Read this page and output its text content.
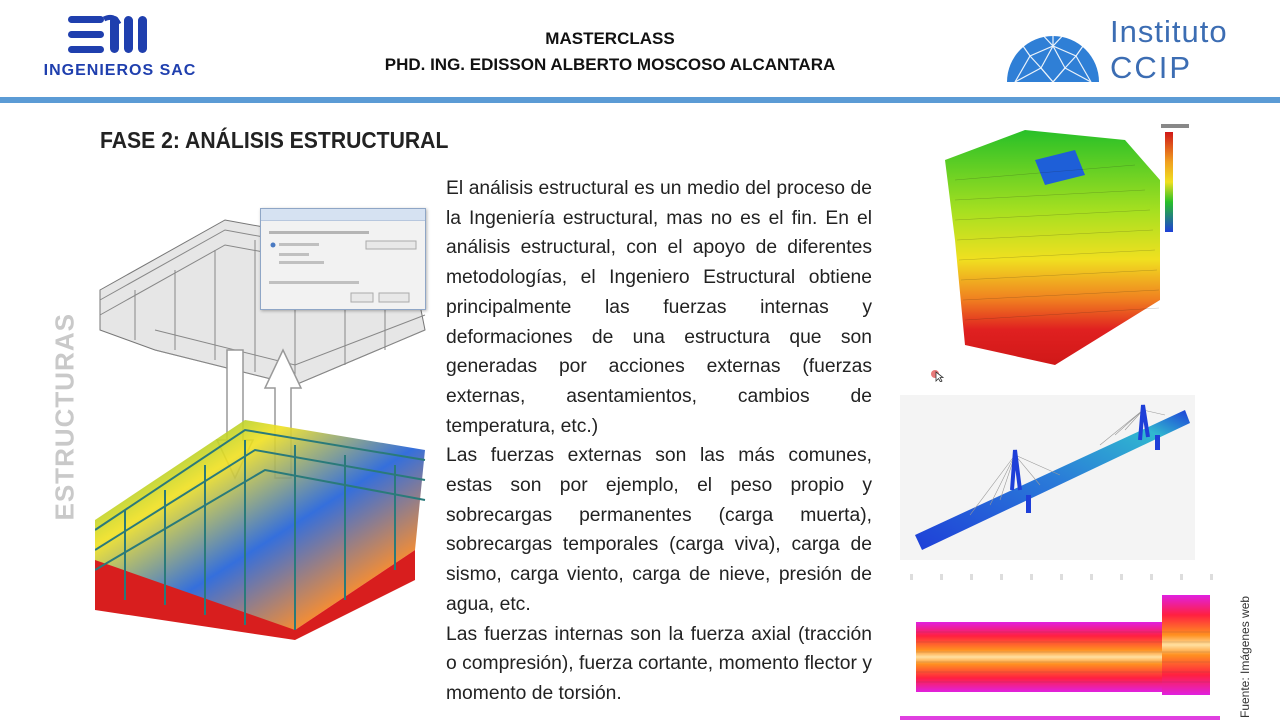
INGENIEROS SAC
MASTERCLASS
PHD. ING. EDISSON ALBERTO MOSCOSO ALCANTARA
Instituto
CCIP
FASE 2: ANÁLISIS ESTRUCTURAL
ESTRUCTURAS

El análisis estructural es un medio del proceso de la Ingeniería estructural, mas no es el fin. En el análisis estructural, con el apoyo de diferentes metodologías, el Ingeniero Estructural obtiene principalmente las fuerzas internas y deformaciones de una estructura que son generadas por acciones externas (fuerzas externas, asentamientos, cambios de temperatura, etc.)

Las fuerzas externas son las más comunes, estas son por ejemplo, el peso propio y sobrecargas permanentes (carga muerta), sobrecargas temporales (carga viva), carga de sismo, carga viento, carga de nieve, presión de agua, etc.

Las fuerzas internas son la fuerza axial (tracción o compresión), fuerza cortante, momento flector y momento de torsión.	Fuente: Imágenes web
